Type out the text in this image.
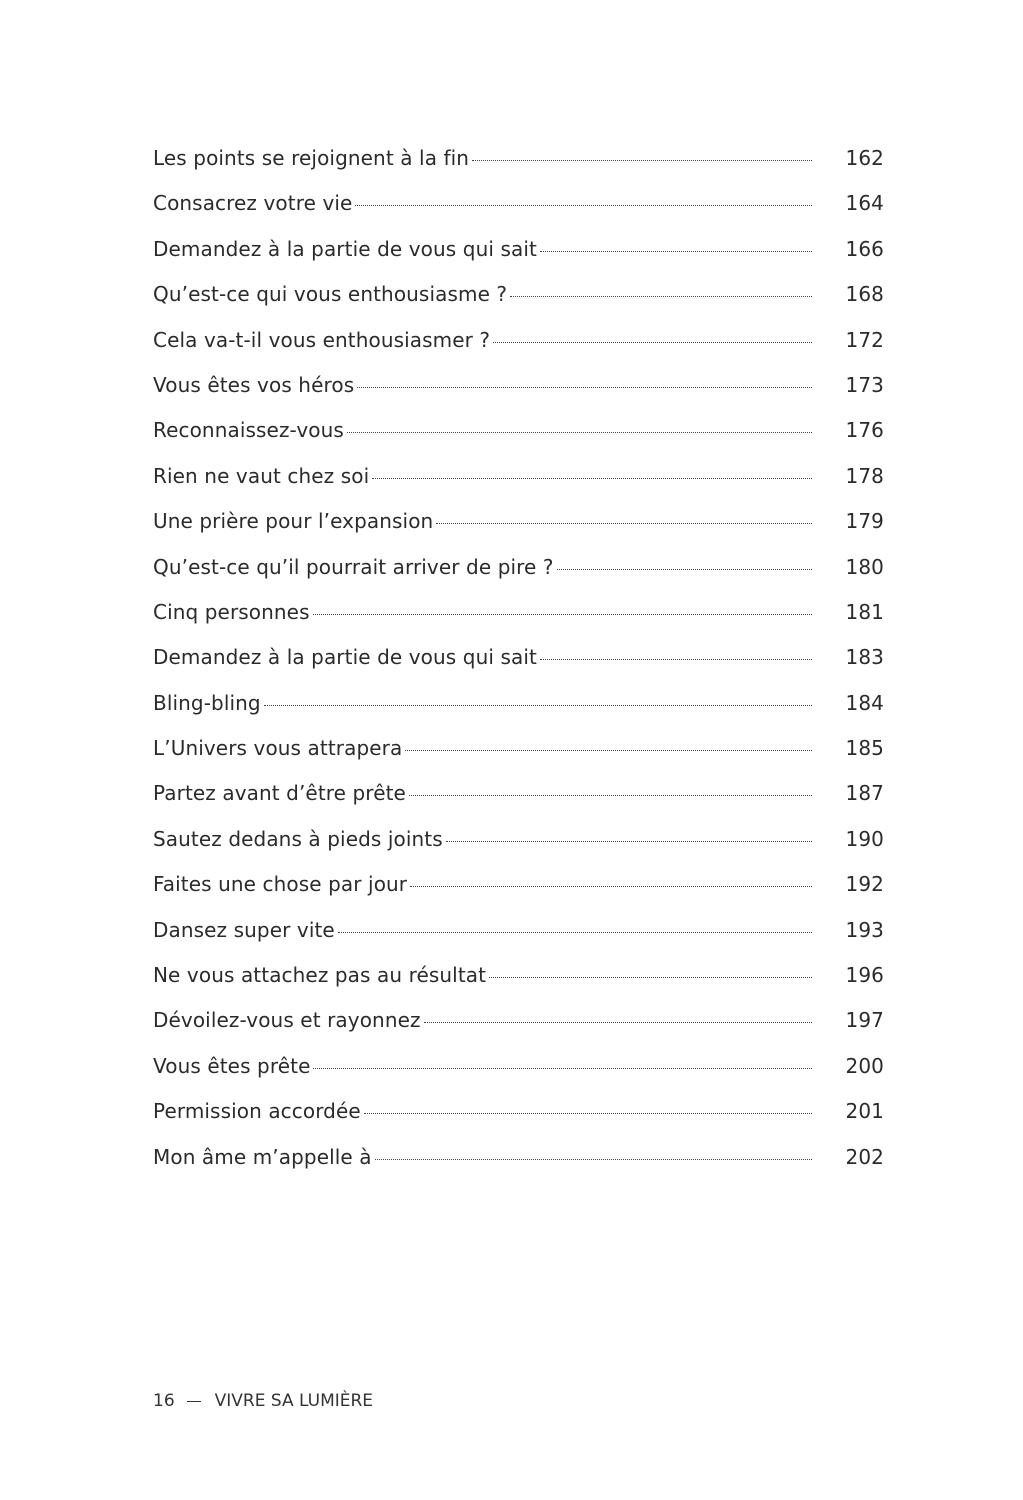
Les points se rejoignent à la fin	162
Consacrez votre vie	164
Demandez à la partie de vous qui sait	166
Qu’est-ce qui vous enthousiasme ?	168
Cela va-t-il vous enthousiasmer ?	172
Vous êtes vos héros	173
Reconnaissez-vous	176
Rien ne vaut chez soi	178
Une prière pour l’expansion	179
Qu’est-ce qu’il pourrait arriver de pire ?	180
Cinq personnes	181
Demandez à la partie de vous qui sait	183
Bling-bling	184
L’Univers vous attrapera	185
Partez avant d’être prête	187
Sautez dedans à pieds joints	190
Faites une chose par jour	192
Dansez super vite	193
Ne vous attachez pas au résultat	196
Dévoilez-vous et rayonnez	197
Vous êtes prête	200
Permission accordée	201
Mon âme m’appelle à	202
16 VIVRE SA LUMIÈRE
